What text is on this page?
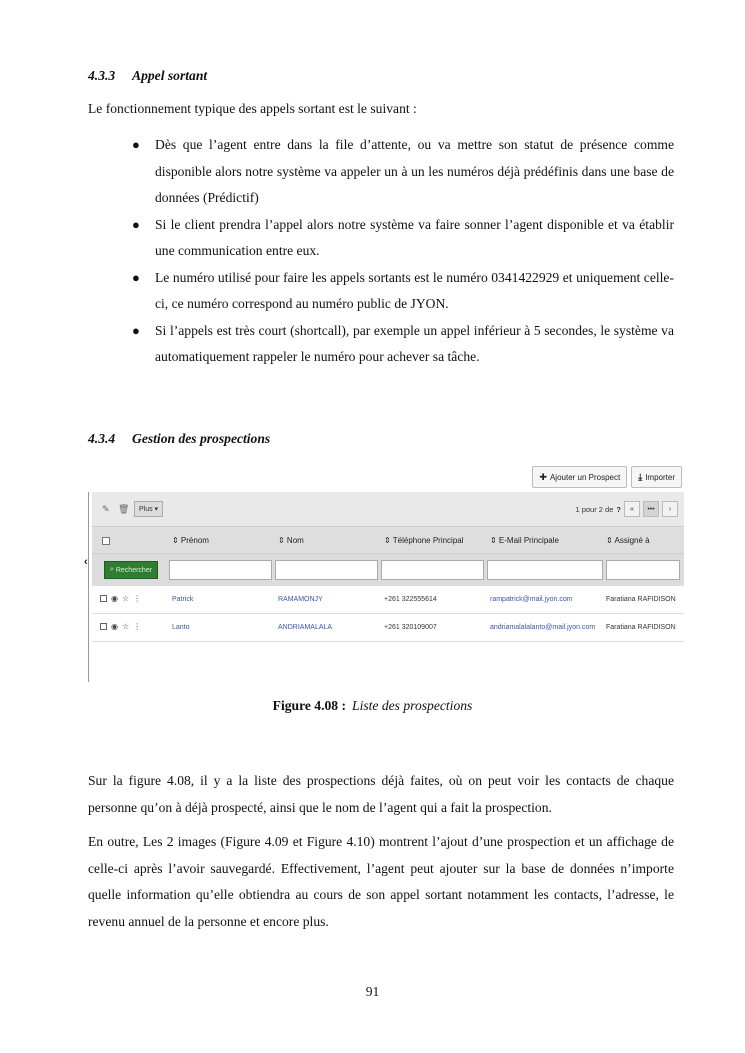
4.3.3 Appel sortant
Le fonctionnement typique des appels sortant est le suivant :
● Dès que l’agent entre dans la file d’attente, ou va mettre son statut de présence comme disponible alors notre système va appeler un à un les numéros déjà prédéfinis dans une base de données (Prédictif)
● Si le client prendra l’appel alors notre système va faire sonner l’agent disponible et va établir une communication entre eux.
● Le numéro utilisé pour faire les appels sortants est le numéro 0341422929 et uniquement celle-ci, ce numéro correspond au numéro public de JYON.
● Si l’appels est très court (shortcall), par exemple un appel inférieur à 5 secondes, le système va automatiquement rappeler le numéro pour achever sa tâche.
4.3.4 Gestion des prospections
✚ Ajouter un Prospect ⤓ Importer
✎ 🗑	Plus ▾	1 pour 2 de ?	«	•••	›
⇕ Prénom	⇕ Nom	⇕ Téléphone Principal	⇕ E-Mail Principale	⇕ Assigné à
‹
⌕ Rechercher
◉ ☆ ⋮	Patrick	RAMAMONJY	+261 322555614	rampatrick@mail.jyon.com	Faratiana RAFIDISON
◉ ☆ ⋮	Lanto	ANDRIAMALALA	+261 320109007	andriamalalalanto@mail.jyon.com Faratiana RAFIDISON
Figure 4.08 : Liste des prospections
Sur la figure 4.08, il y a la liste des prospections déjà faites, où on peut voir les contacts de chaque personne qu’on à déjà prospecté, ainsi que le nom de l’agent qui a fait la prospection.
En outre, Les 2 images (Figure 4.09 et Figure 4.10) montrent l’ajout d’une prospection et un affichage de celle-ci après l’avoir sauvegardé. Effectivement, l’agent peut ajouter sur la base de données n’importe quelle information qu’elle obtiendra au cours de son appel sortant notamment les contacts, l’adresse, le revenu annuel de la personne et encore plus.
91
